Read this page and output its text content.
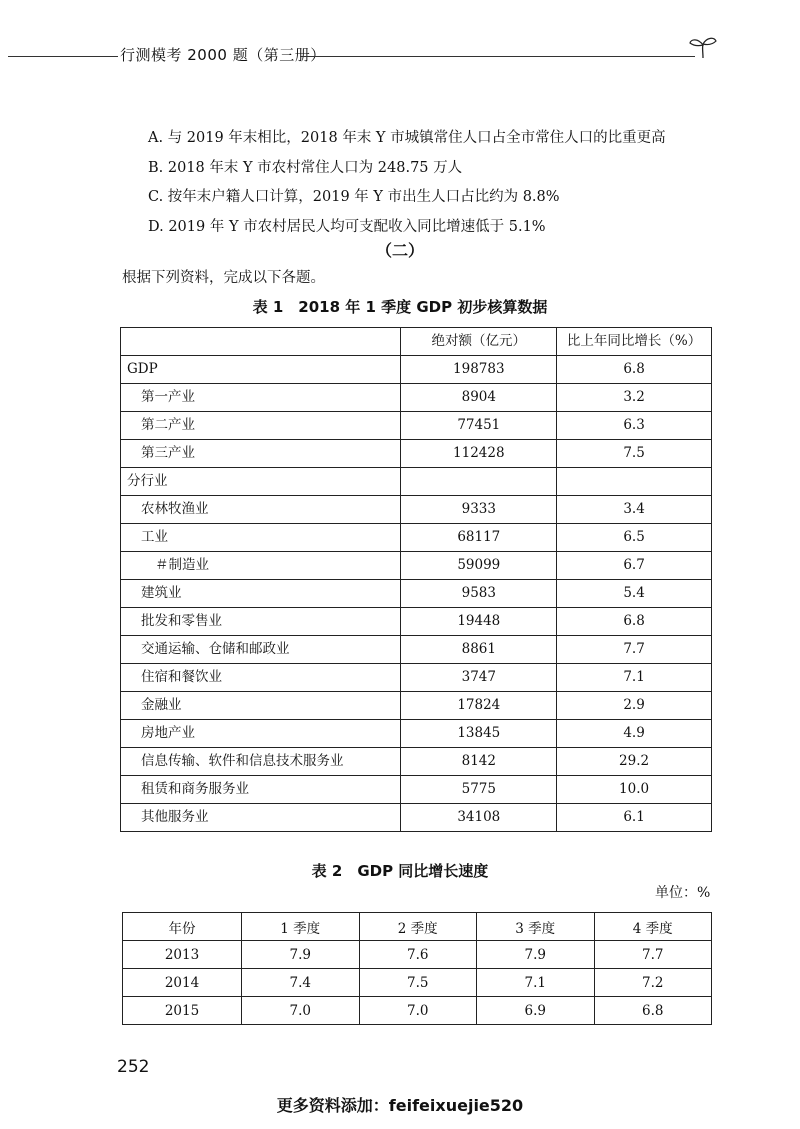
行测模考 2000 题（第三册）
A. 与 2019 年末相比，2018 年末 Y 市城镇常住人口占全市常住人口的比重更高
B. 2018 年末 Y 市农村常住人口为 248.75 万人
C. 按年末户籍人口计算，2019 年 Y 市出生人口占比约为 8.8%
D. 2019 年 Y 市农村居民人均可支配收入同比增速低于 5.1%
（二）
根据下列资料，完成以下各题。
表 1　2018 年 1 季度 GDP 初步核算数据
	绝对额（亿元）	比上年同比增长（%）
GDP	198783	6.8
第一产业	8904	3.2
第二产业	77451	6.3
第三产业	112428	7.5
分行业		
农林牧渔业	9333	3.4
工业	68117	6.5
＃制造业	59099	6.7
建筑业	9583	5.4
批发和零售业	19448	6.8
交通运输、仓储和邮政业	8861	7.7
住宿和餐饮业	3747	7.1
金融业	17824	2.9
房地产业	13845	4.9
信息传输、软件和信息技术服务业	8142	29.2
租赁和商务服务业	5775	10.0
其他服务业	34108	6.1
表 2　GDP 同比增长速度
单位：%
年份	1 季度	2 季度	3 季度	4 季度
2013	7.9	7.6	7.9	7.7
2014	7.4	7.5	7.1	7.2
2015	7.0	7.0	6.9	6.8
252
更多资料添加：feifeixuejie520
